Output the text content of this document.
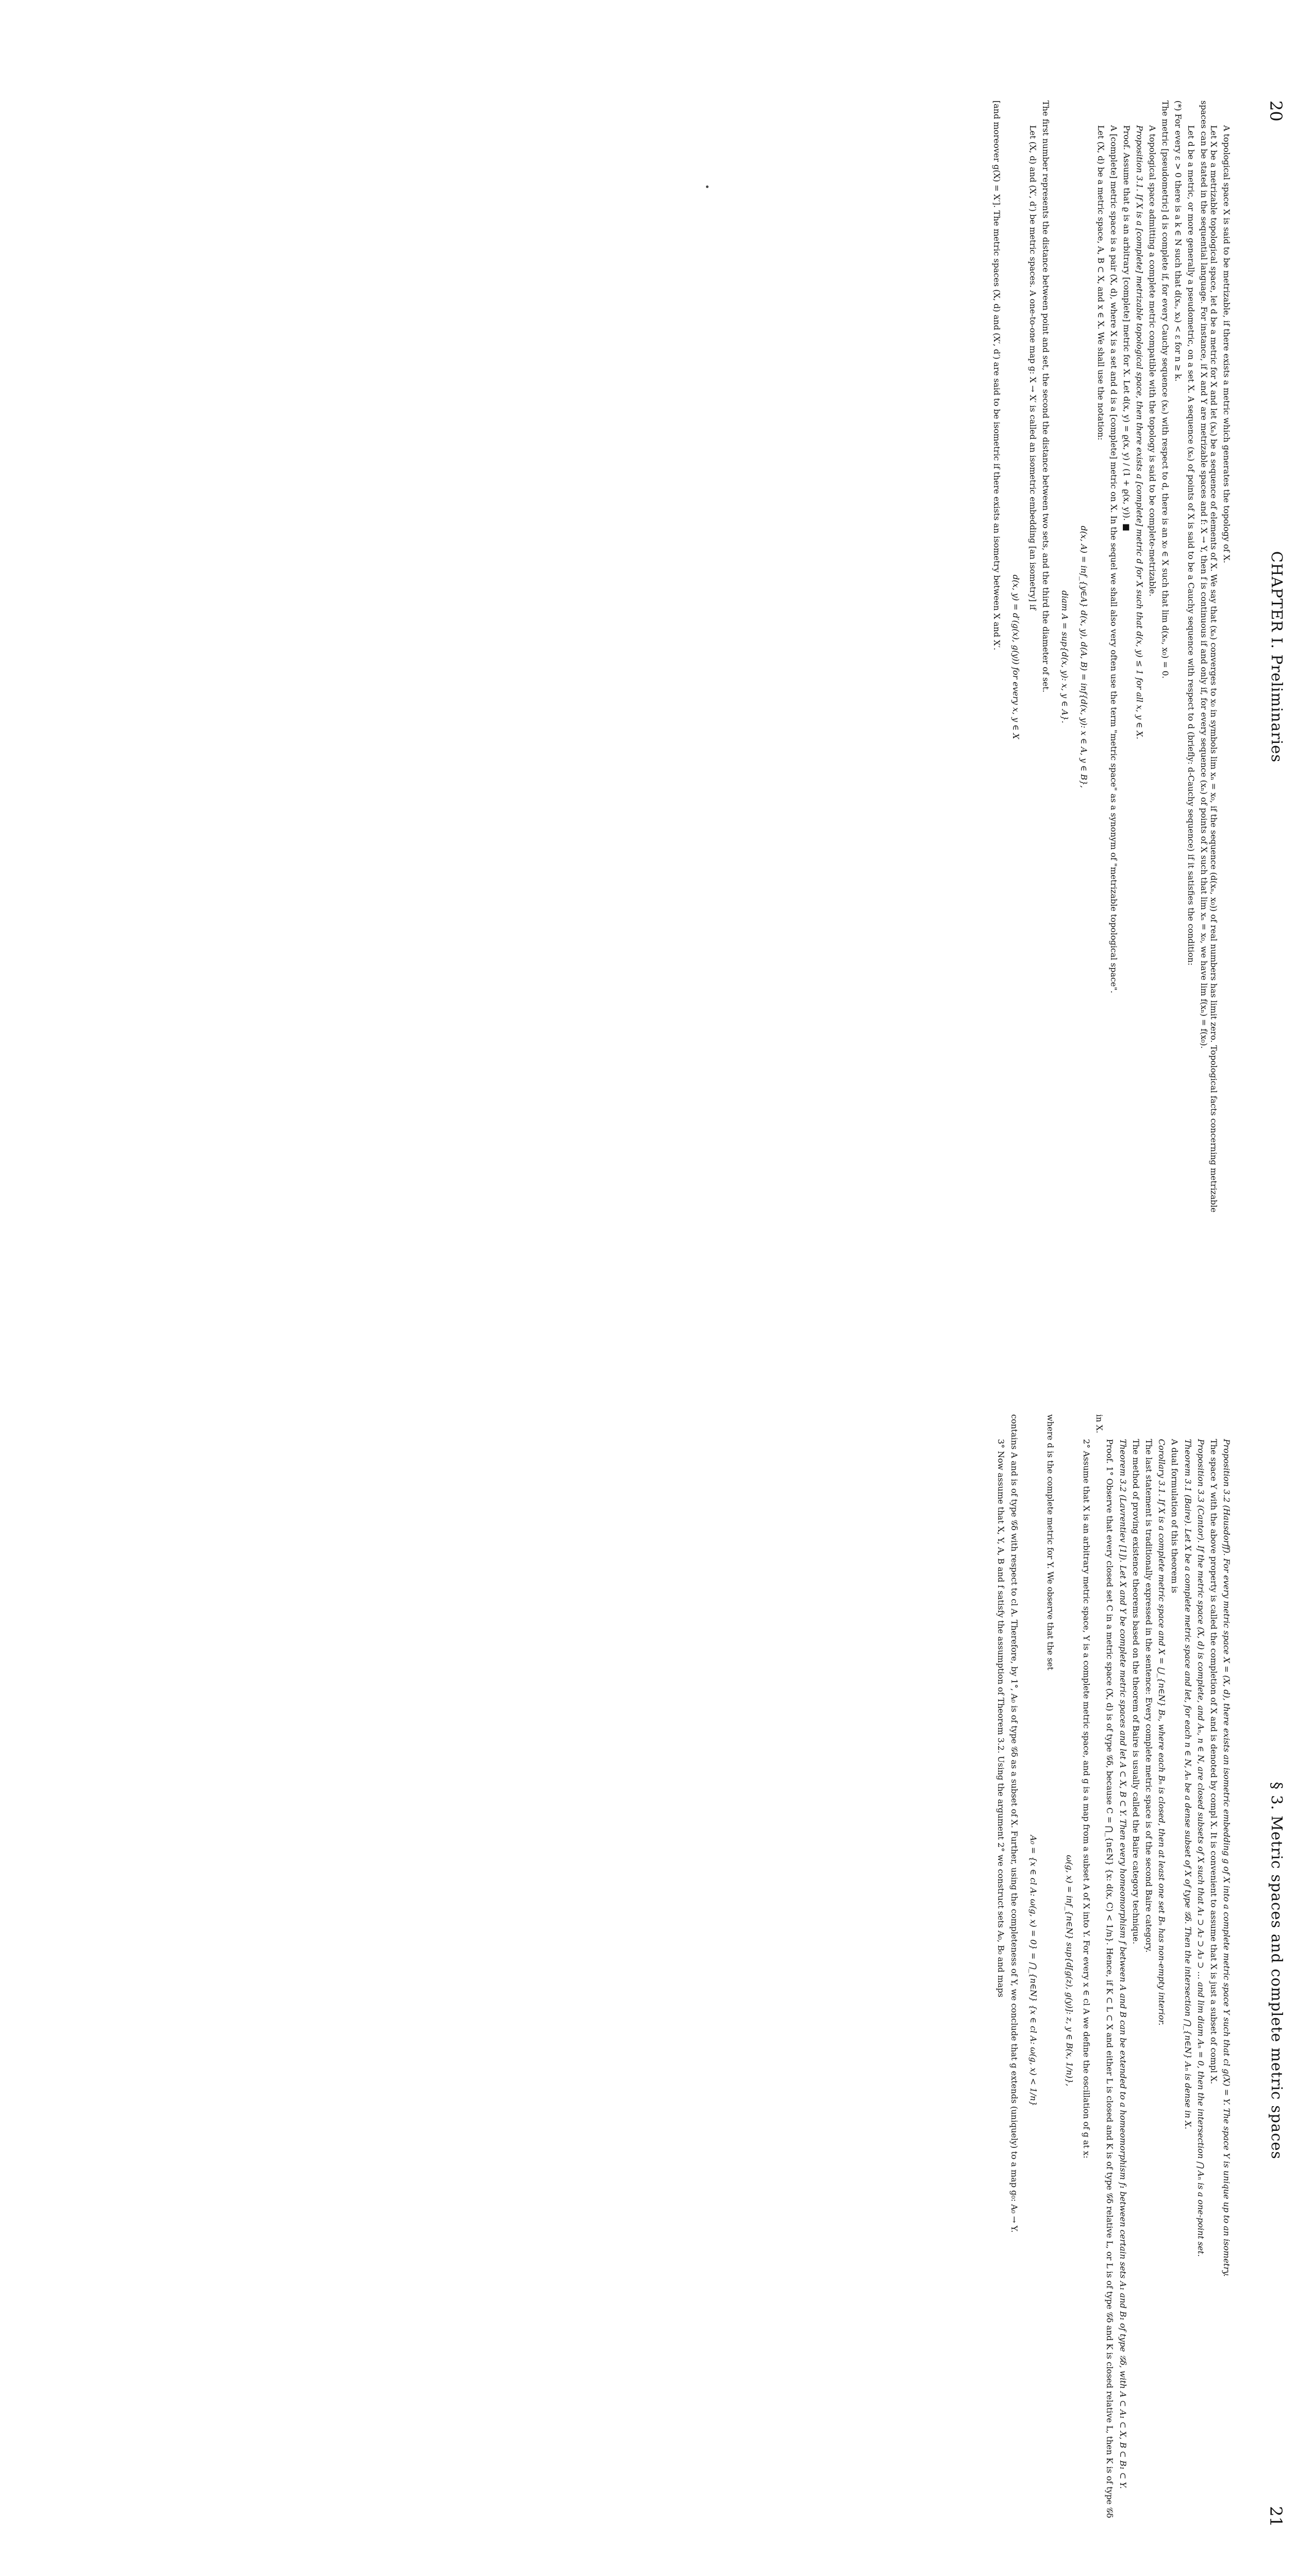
20
CHAPTER I. Preliminaries

A topological space X is said to be metrizable, if there exists a metric which generates the topology of X.

Let X be a metrizable topological space, let d be a metric for X and let (xₙ) be a sequence of elements of X. We say that (xₙ) converges to x₀ in symbols lim xₙ = x₀, if the sequence (d(xₙ, x₀)) of real numbers has limit zero. Topological facts concerning metrizable spaces can be stated in the sequential language. For instance, if X and Y are metrizable spaces and f: X → Y, then f is continuous if and only if, for every sequence (xₙ) of points of X such that lim xₙ = x₀, we have lim f(xₙ) = f(x₀).

Let d be a metric, or more generally a pseudometric, on a set X. A sequence (xₙ) of points of X is said to be a Cauchy sequence with respect to d (briefly: d-Cauchy sequence) if it satisfies the condition:

(*) For every ε > 0 there is a k ∈ N such that d(xₙ, xₖ) < ε for n ≥ k.

The metric [pseudometric] d is complete if, for every Cauchy sequence (xₙ) with respect to d, there is an x₀ ∈ X such that lim d(xₙ, x₀) = 0.

A topological space admitting a complete metric compatible with the topology is said to be complete-metrizable.

Proposition 3.1. If X is a [complete] metrizable topological space, then there exists a [complete] metric d for X such that d(x, y) ≤ 1 for all x, y ∈ X.

Proof. Assume that ϱ is an arbitrary [complete] metric for X. Let d(x, y) = ϱ(x, y) / (1 + ϱ(x, y)). ■

A [complete] metric space is a pair (X, d), where X is a set and d is a [complete] metric on X. In the sequel we shall also very often use the term "metric space" as a synonym of "metrizable topological space".

Let (X, d) be a metric space, A, B ⊂ X, and x ∈ X. We shall use the notation:

d(x, A) = inf_{y∈A} d(x, y), d(A, B) = inf{d(x, y): x ∈ A, y ∈ B},

diam A = sup{d(x, y): x, y ∈ A}.

The first number represents the distance between point and set, the second the distance between two sets, and the third the diameter of set.

Let (X, d) and (X′, d′) be metric spaces. A one-to-one map g: X → X′ is called an isometric embedding [an isometry] if

d(x, y) = d′(g(x), g(y)) for every x, y ∈ X

[and moreover g(X) = X′]. The metric spaces (X, d) and (X′, d′) are said to be isometric if there exists an isometry between X and X′.

§ 3. Metric spaces and complete metric spaces
21

Proposition 3.2 (Hausdorff). For every metric space X = (X, d), there exists an isometric embedding g of X into a complete metric space Y such that cl g(X) = Y. The space Y is unique up to an isometry.

The space Y with the above property is called the completion of X and is denoted by compl X. It is convenient to assume that X is just a subset of compl X.

Proposition 3.3 (Cantor). If the metric space (X, d) is complete, and Aₙ, n ∈ N, are closed subsets of X such that A₁ ⊃ A₂ ⊃ A₃ ⊃ … and lim diam Aₙ = 0, then the intersection ⋂ Aₙ is a one-point set.

Theorem 3.1 (Baire). Let X be a complete metric space and let, for each n ∈ N, Aₙ be a dense subset of X of type 𝒢δ. Then the intersection ⋂_{n∈N} Aₙ is dense in X.

A dual formulation of this theorem is

Corollary 3.1. If X is a complete metric space and X = ⋃_{n∈N} Bₙ, where each Bₙ is closed, then at least one set Bₙ has non-empty interior.

The last statement is traditionally expressed in the sentence: Every complete metric space is of the second Baire category.

The method of proving existence theorems based on the theorem of Baire is usually called the Baire category technique.

Theorem 3.2 (Lavrentiev [1]). Let X and Y be complete metric spaces and let A ⊂ X, B ⊂ Y. Then every homeomorphism f between A and B can be extended to a homeomorphism f₁ between certain sets A₁ and B₁ of type 𝒢δ, with A ⊂ A₁ ⊂ X, B ⊂ B₁ ⊂ Y.

Proof. 1° Observe that every closed set C in a metric space (X, d) is of type 𝒢δ, because C = ⋂_{n∈N} {x: d(x, C) < 1/n}. Hence, if K ⊂ L ⊂ X and either L is closed and K is of type 𝒢δ relative L, or L is of type 𝒢δ and K is closed relative L, then K is of type 𝒢δ in X.

2° Assume that X is an arbitrary metric space, Y is a complete metric space, and g is a map from a subset A of X into Y. For every x ∈ cl A we define the oscillation of g at x:

ω(g, x) = inf_{n∈N} sup{d[g(z), g(y)]: z, y ∈ B(x, 1/n)},

where d is the complete metric for Y. We observe that the set

A₀ = {x ∈ cl A: ω(g, x) = 0} = ⋂_{n∈N} {x ∈ cl A: ω(g, x) < 1/n}

contains A and is of type 𝒢δ with respect to cl A. Therefore, by 1°, A₀ is of type 𝒢δ as a subset of X. Further, using the completeness of Y, we conclude that g extends (uniquely) to a map g₀: A₀ → Y.

3° Now assume that X, Y, A, B and f satisfy the assumption of Theorem 3.2. Using the argument 2° we construct sets A₀, B₀ and maps
